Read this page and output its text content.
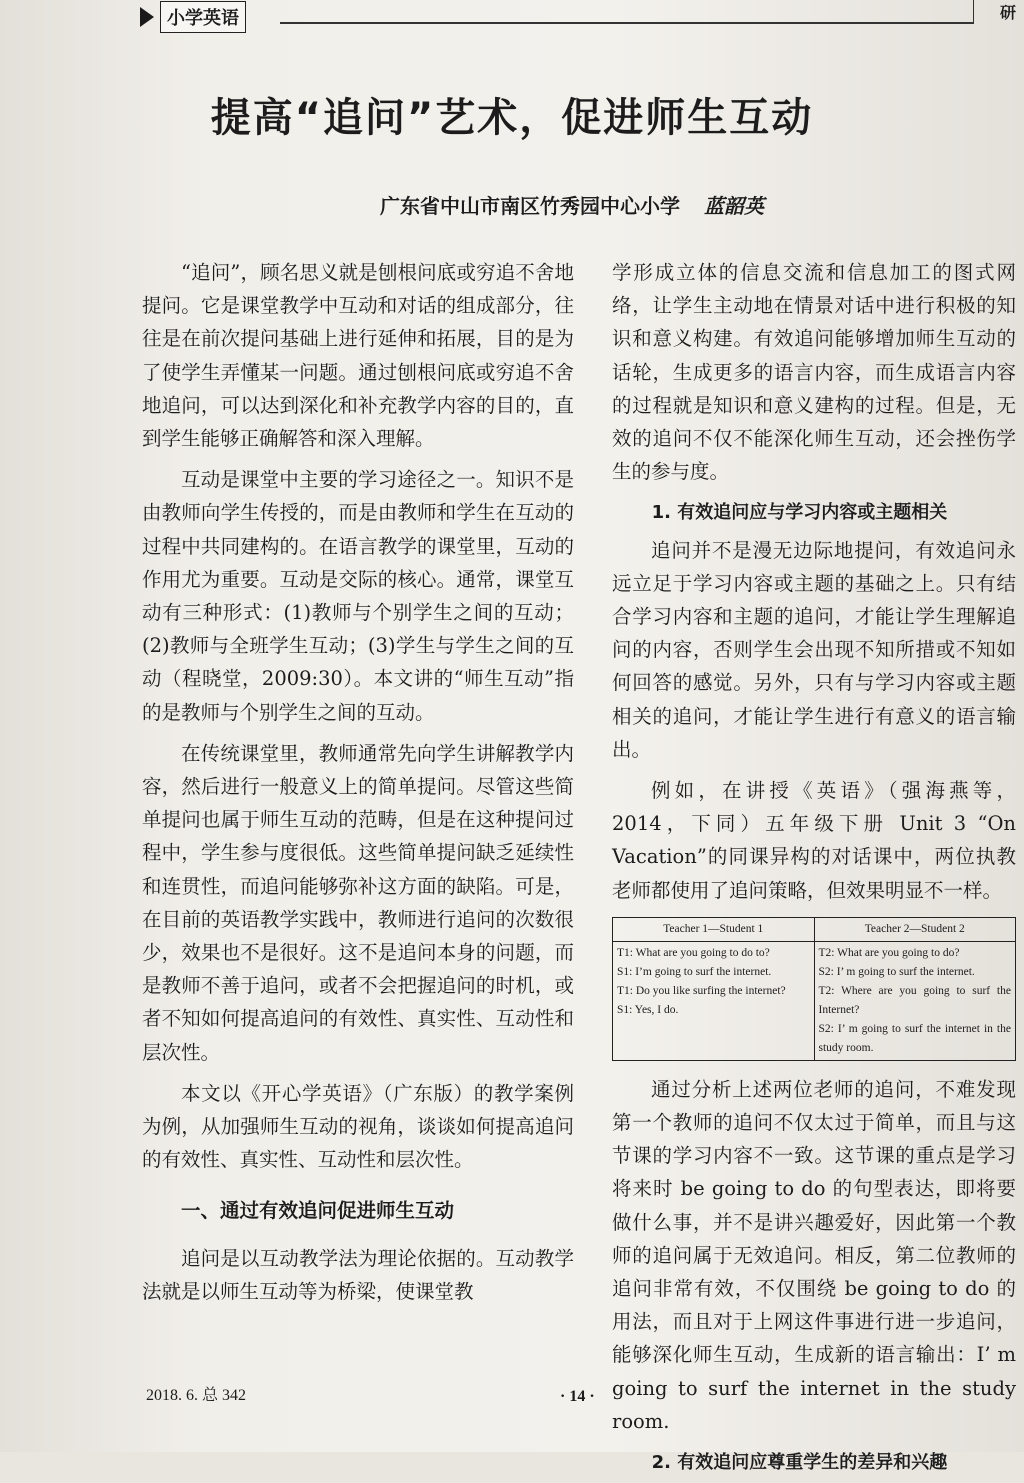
小学英语	研
提高“追问”艺术，促进师生互动
广东省中山市南区竹秀园中心小学 蓝韶英

“追问”，顾名思义就是刨根问底或穷追不舍地提问。它是课堂教学中互动和对话的组成部分，往往是在前次提问基础上进行延伸和拓展，目的是为了使学生弄懂某一问题。通过刨根问底或穷追不舍地追问，可以达到深化和补充教学内容的目的，直到学生能够正确解答和深入理解。

互动是课堂中主要的学习途径之一。知识不是由教师向学生传授的，而是由教师和学生在互动的过程中共同建构的。在语言教学的课堂里，互动的作用尤为重要。互动是交际的核心。通常，课堂互动有三种形式：(1)教师与个别学生之间的互动；(2)教师与全班学生互动；(3)学生与学生之间的互动（程晓堂，2009:30）。本文讲的“师生互动”指的是教师与个别学生之间的互动。

在传统课堂里，教师通常先向学生讲解教学内容，然后进行一般意义上的简单提问。尽管这些简单提问也属于师生互动的范畴，但是在这种提问过程中，学生参与度很低。这些简单提问缺乏延续性和连贯性，而追问能够弥补这方面的缺陷。可是，在目前的英语教学实践中，教师进行追问的次数很少，效果也不是很好。这不是追问本身的问题，而是教师不善于追问，或者不会把握追问的时机，或者不知如何提高追问的有效性、真实性、互动性和层次性。

本文以《开心学英语》（广东版）的教学案例为例，从加强师生互动的视角，谈谈如何提高追问的有效性、真实性、互动性和层次性。

一、通过有效追问促进师生互动

追问是以互动教学法为理论依据的。互动教学法就是以师生互动等为桥梁，使课堂教

学形成立体的信息交流和信息加工的图式网络，让学生主动地在情景对话中进行积极的知识和意义构建。有效追问能够增加师生互动的话轮，生成更多的语言内容，而生成语言内容的过程就是知识和意义建构的过程。但是，无效的追问不仅不能深化师生互动，还会挫伤学生的参与度。

1. 有效追问应与学习内容或主题相关

追问并不是漫无边际地提问，有效追问永远立足于学习内容或主题的基础之上。只有结合学习内容和主题的追问，才能让学生理解追问的内容，否则学生会出现不知所措或不知如何回答的感觉。另外，只有与学习内容或主题相关的追问，才能让学生进行有意义的语言输出。

例如，在讲授《英语》（强海燕等，2014，下同）五年级下册 Unit 3 “On Vacation”的同课异构的对话课中，两位执教老师都使用了追问策略，但效果明显不一样。

Teacher 1—Student 1	Teacher 2—Student 2

T1: What are you going to do to?
S1: I’m going to surf the internet.
T1: Do you like surfing the internet?
S1: Yes, I do.	T2: What are you going to do?
S2: I’ m going to surf the internet.
T2: Where are you going to surf the Internet?
S2: I’ m going to surf the internet in the study room.

通过分析上述两位老师的追问，不难发现第一个教师的追问不仅太过于简单，而且与这节课的学习内容不一致。这节课的重点是学习将来时 be going to do 的句型表达，即将要做什么事，并不是讲兴趣爱好，因此第一个教师的追问属于无效追问。相反，第二位教师的追问非常有效，不仅围绕 be going to do 的用法，而且对于上网这件事进行进一步追问，能够深化师生互动，生成新的语言输出：I’ m going to surf the internet in the study room.

2. 有效追问应尊重学生的差异和兴趣
2018. 6. 总 342	· 14 ·
